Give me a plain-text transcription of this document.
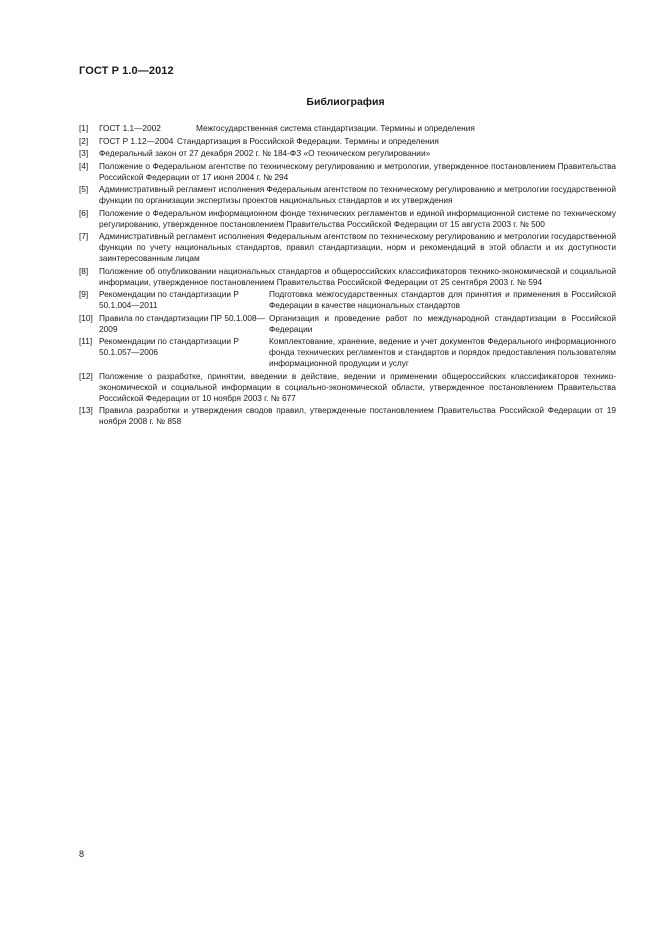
ГОСТ Р 1.0—2012
Библиография
[1] ГОСТ 1.1—2002	Межгосударственная система стандартизации. Термины и определения
[2] ГОСТ Р 1.12—2004 Стандартизация в Российской Федерации. Термины и определения
[3] Федеральный закон от 27 декабря 2002 г. № 184-ФЗ «О техническом регулировании»
[4] Положение о Федеральном агентстве по техническому регулированию и метрологии, утвержденное постановлением Правительства Российской Федерации от 17 июня 2004 г. № 294
[5] Административный регламент исполнения Федеральным агентством по техническому регулированию и метрологии государственной функции по организации экспертизы проектов национальных стандартов и их утверждения
[6] Положение о Федеральном информационном фонде технических регламентов и единой информационной системе по техническому регулированию, утвержденное постановлением Правительства Российской Федерации от 15 августа 2003 г. № 500
[7] Административный регламент исполнения Федеральным агентством по техническому регулированию и метрологии государственной функции по учету национальных стандартов, правил стандартизации, норм и рекомендаций в этой области и их доступности заинтересованным лицам
[8] Положение об опубликовании национальных стандартов и общероссийских классификаторов технико-экономической и социальной информации, утвержденное постановлением Правительства Российской Федерации от 25 сентября 2003 г. № 594
[9] Рекомендации по стандартизации Р 50.1.004—2011
Подготовка межгосударственных стандартов для принятия и применения в Российской Федерации в качестве национальных стандартов
[10] Правила по стандартизации ПР 50.1.008—2009
Организация и проведение работ по международной стандартизации в Российской Федерации
[11] Рекомендации по стандартизации Р 50.1.057—2006
Комплектование, хранение, ведение и учет документов Федерального информационного фонда технических регламентов и стандартов и порядок предоставления пользователям информационной продукции и услуг
[12] Положение о разработке, принятии, введении в действие, ведении и применении общероссийских классификаторов технико-экономической и социальной информации в социально-экономической области, утвержденное постановлением Правительства Российской Федерации от 10 ноября 2003 г. № 677
[13] Правила разработки и утверждения сводов правил, утвержденные постановлением Правительства Российской Федерации от 19 ноября 2008 г. № 858
8
